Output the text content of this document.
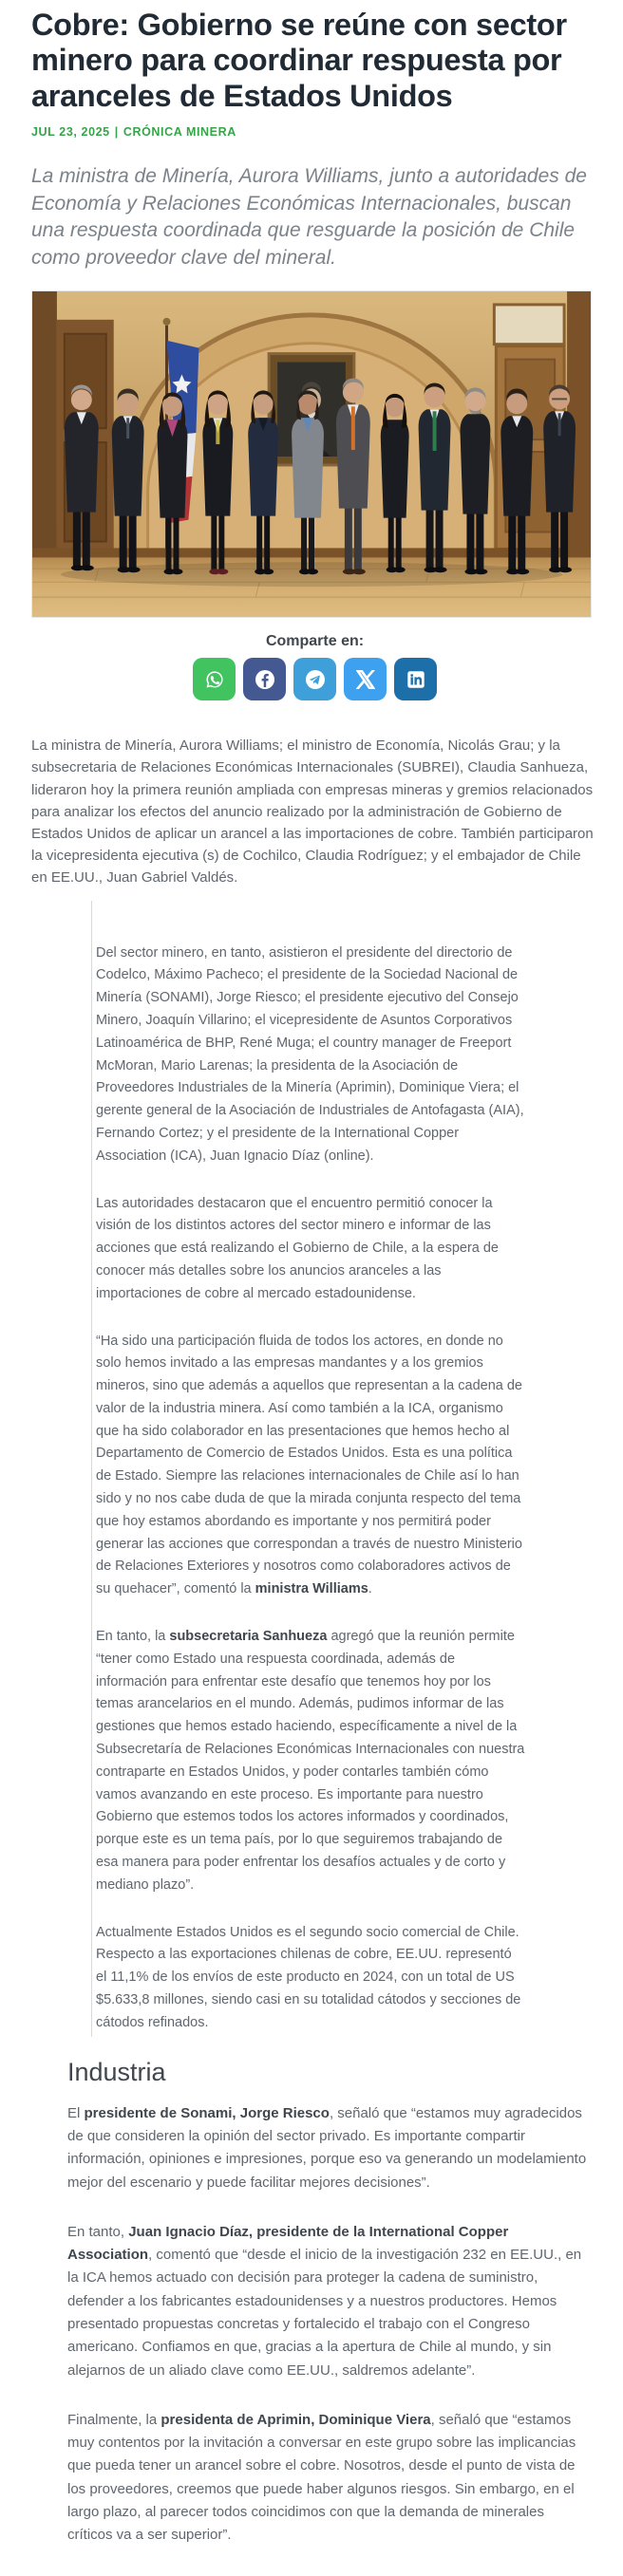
Cobre: Gobierno se reúne con sector minero para coordinar respuesta por aranceles de Estados Unidos
JUL 23, 2025 | CRÓNICA MINERA

La ministra de Minería, Aurora Williams, junto a autoridades de Economía y Relaciones Económicas Internacionales, buscan una respuesta coordinada que resguarde la posición de Chile como proveedor clave del mineral.

Comparte en:

La ministra de Minería, Aurora Williams; el ministro de Economía, Nicolás Grau; y la subsecretaria de Relaciones Económicas Internacionales (SUBREI), Claudia Sanhueza, lideraron hoy la primera reunión ampliada con empresas mineras y gremios relacionados para analizar los efectos del anuncio realizado por la administración de Gobierno de Estados Unidos de aplicar un arancel a las importaciones de cobre. También participaron la vicepresidenta ejecutiva (s) de Cochilco, Claudia Rodríguez; y el embajador de Chile en EE.UU., Juan Gabriel Valdés.

Del sector minero, en tanto, asistieron el presidente del directorio de Codelco, Máximo Pacheco; el presidente de la Sociedad Nacional de Minería (SONAMI), Jorge Riesco; el presidente ejecutivo del Consejo Minero, Joaquín Villarino; el vicepresidente de Asuntos Corporativos Latinoamérica de BHP, René Muga; el country manager de Freeport McMoran, Mario Larenas; la presidenta de la Asociación de Proveedores Industriales de la Minería (Aprimin), Dominique Viera; el gerente general de la Asociación de Industriales de Antofagasta (AIA), Fernando Cortez; y el presidente de la International Copper Association (ICA), Juan Ignacio Díaz (online).

Las autoridades destacaron que el encuentro permitió conocer la visión de los distintos actores del sector minero e informar de las acciones que está realizando el Gobierno de Chile, a la espera de conocer más detalles sobre los anuncios aranceles a las importaciones de cobre al mercado estadounidense.

“Ha sido una participación fluida de todos los actores, en donde no solo hemos invitado a las empresas mandantes y a los gremios mineros, sino que además a aquellos que representan a la cadena de valor de la industria minera. Así como también a la ICA, organismo que ha sido colaborador en las presentaciones que hemos hecho al Departamento de Comercio de Estados Unidos. Esta es una política de Estado. Siempre las relaciones internacionales de Chile así lo han sido y no nos cabe duda de que la mirada conjunta respecto del tema que hoy estamos abordando es importante y nos permitirá poder generar las acciones que correspondan a través de nuestro Ministerio de Relaciones Exteriores y nosotros como colaboradores activos de su quehacer”, comentó la ministra Williams.

En tanto, la subsecretaria Sanhueza agregó que la reunión permite “tener como Estado una respuesta coordinada, además de información para enfrentar este desafío que tenemos hoy por los temas arancelarios en el mundo. Además, pudimos informar de las gestiones que hemos estado haciendo, específicamente a nivel de la Subsecretaría de Relaciones Económicas Internacionales con nuestra contraparte en Estados Unidos, y poder contarles también cómo vamos avanzando en este proceso. Es importante para nuestro Gobierno que estemos todos los actores informados y coordinados, porque este es un tema país, por lo que seguiremos trabajando de esa manera para poder enfrentar los desafíos actuales y de corto y mediano plazo”.

Actualmente Estados Unidos es el segundo socio comercial de Chile. Respecto a las exportaciones chilenas de cobre, EE.UU. representó el 11,1% de los envíos de este producto en 2024, con un total de US $5.633,8 millones, siendo casi en su totalidad cátodos y secciones de cátodos refinados.

Industria

El presidente de Sonami, Jorge Riesco, señaló que “estamos muy agradecidos de que consideren la opinión del sector privado. Es importante compartir información, opiniones e impresiones, porque eso va generando un modelamiento mejor del escenario y puede facilitar mejores decisiones”.

En tanto, Juan Ignacio Díaz, presidente de la International Copper Association, comentó que “desde el inicio de la investigación 232 en EE.UU., en la ICA hemos actuado con decisión para proteger la cadena de suministro, defender a los fabricantes estadounidenses y a nuestros productores. Hemos presentado propuestas concretas y fortalecido el trabajo con el Congreso americano. Confiamos en que, gracias a la apertura de Chile al mundo, y sin alejarnos de un aliado clave como EE.UU., saldremos adelante”.

Finalmente, la presidenta de Aprimin, Dominique Viera, señaló que “estamos muy contentos por la invitación a conversar en este grupo sobre las implicancias que pueda tener un arancel sobre el cobre. Nosotros, desde el punto de vista de los proveedores, creemos que puede haber algunos riesgos. Sin embargo, en el largo plazo, al parecer todos coincidimos con que la demanda de minerales críticos va a ser superior”.
